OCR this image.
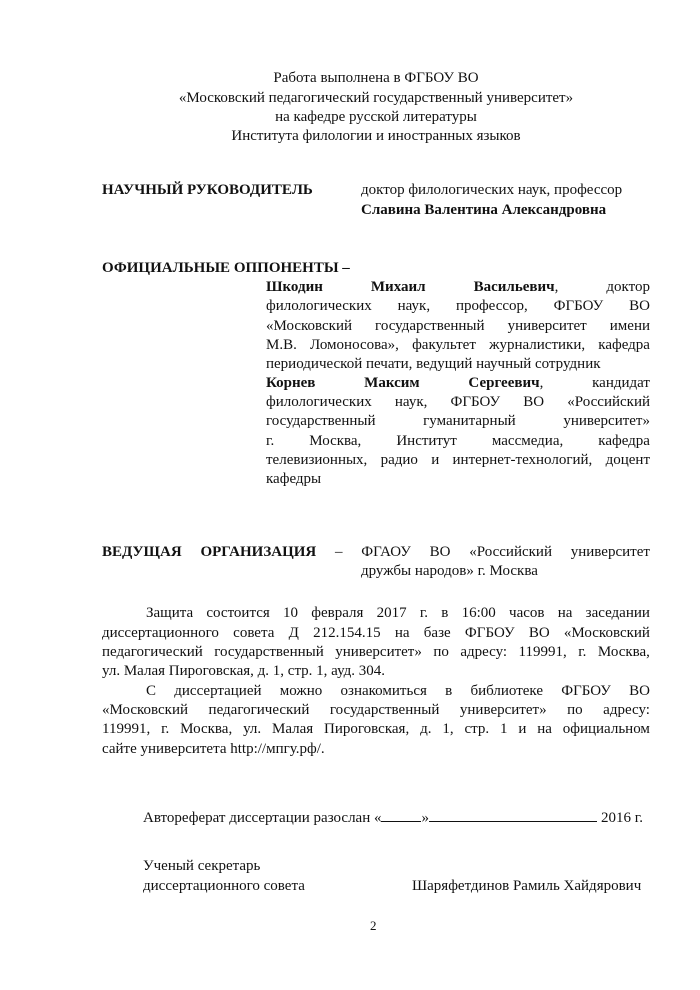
Работа выполнена в ФГБОУ ВО
«Московский педагогический государственный университет»
на кафедре русской литературы
Института филологии и иностранных языков
НАУЧНЫЙ РУКОВОДИТЕЛЬ	доктор филологических наук, профессор
Славина Валентина Александровна
ОФИЦИАЛЬНЫЕ ОППОНЕНТЫ –
Шкодин	Михаил	Васильевич,	доктор
филологических наук, профессор, ФГБОУ ВО
«Московский государственный университет имени
М.В. Ломоносова», факультет журналистики, кафедра
периодической печати, ведущий научный сотрудник
Корнев	Максим	Сергеевич,	кандидат
филологических наук, ФГБОУ ВО «Российский
государственный	гуманитарный	университет»
г. Москва, Институт массмедиа, кафедра
телевизионных, радио и интернет-технологий, доцент
кафедры
ВЕДУЩАЯ ОРГАНИЗАЦИЯ – ФГАОУ ВО «Российский университет
дружбы народов» г. Москва
Защита состоится 10 февраля 2017 г. в 16:00 часов на заседании
диссертационного совета Д 212.154.15 на базе ФГБОУ ВО «Московский
педагогический государственный университет» по адресу: 119991, г. Москва,
ул. Малая Пироговская, д. 1, стр. 1, ауд. 304.
С диссертацией можно ознакомиться в библиотеке ФГБОУ ВО
«Московский педагогический государственный университет» по адресу:
119991, г. Москва, ул. Малая Пироговская, д. 1, стр. 1 и на официальном
сайте университета http://мпгу.рф/.
Автореферат диссертации разослан «	»	2016 г.
Ученый секретарь
диссертационного совета	Шаряфетдинов Рамиль Хайдярович
2
